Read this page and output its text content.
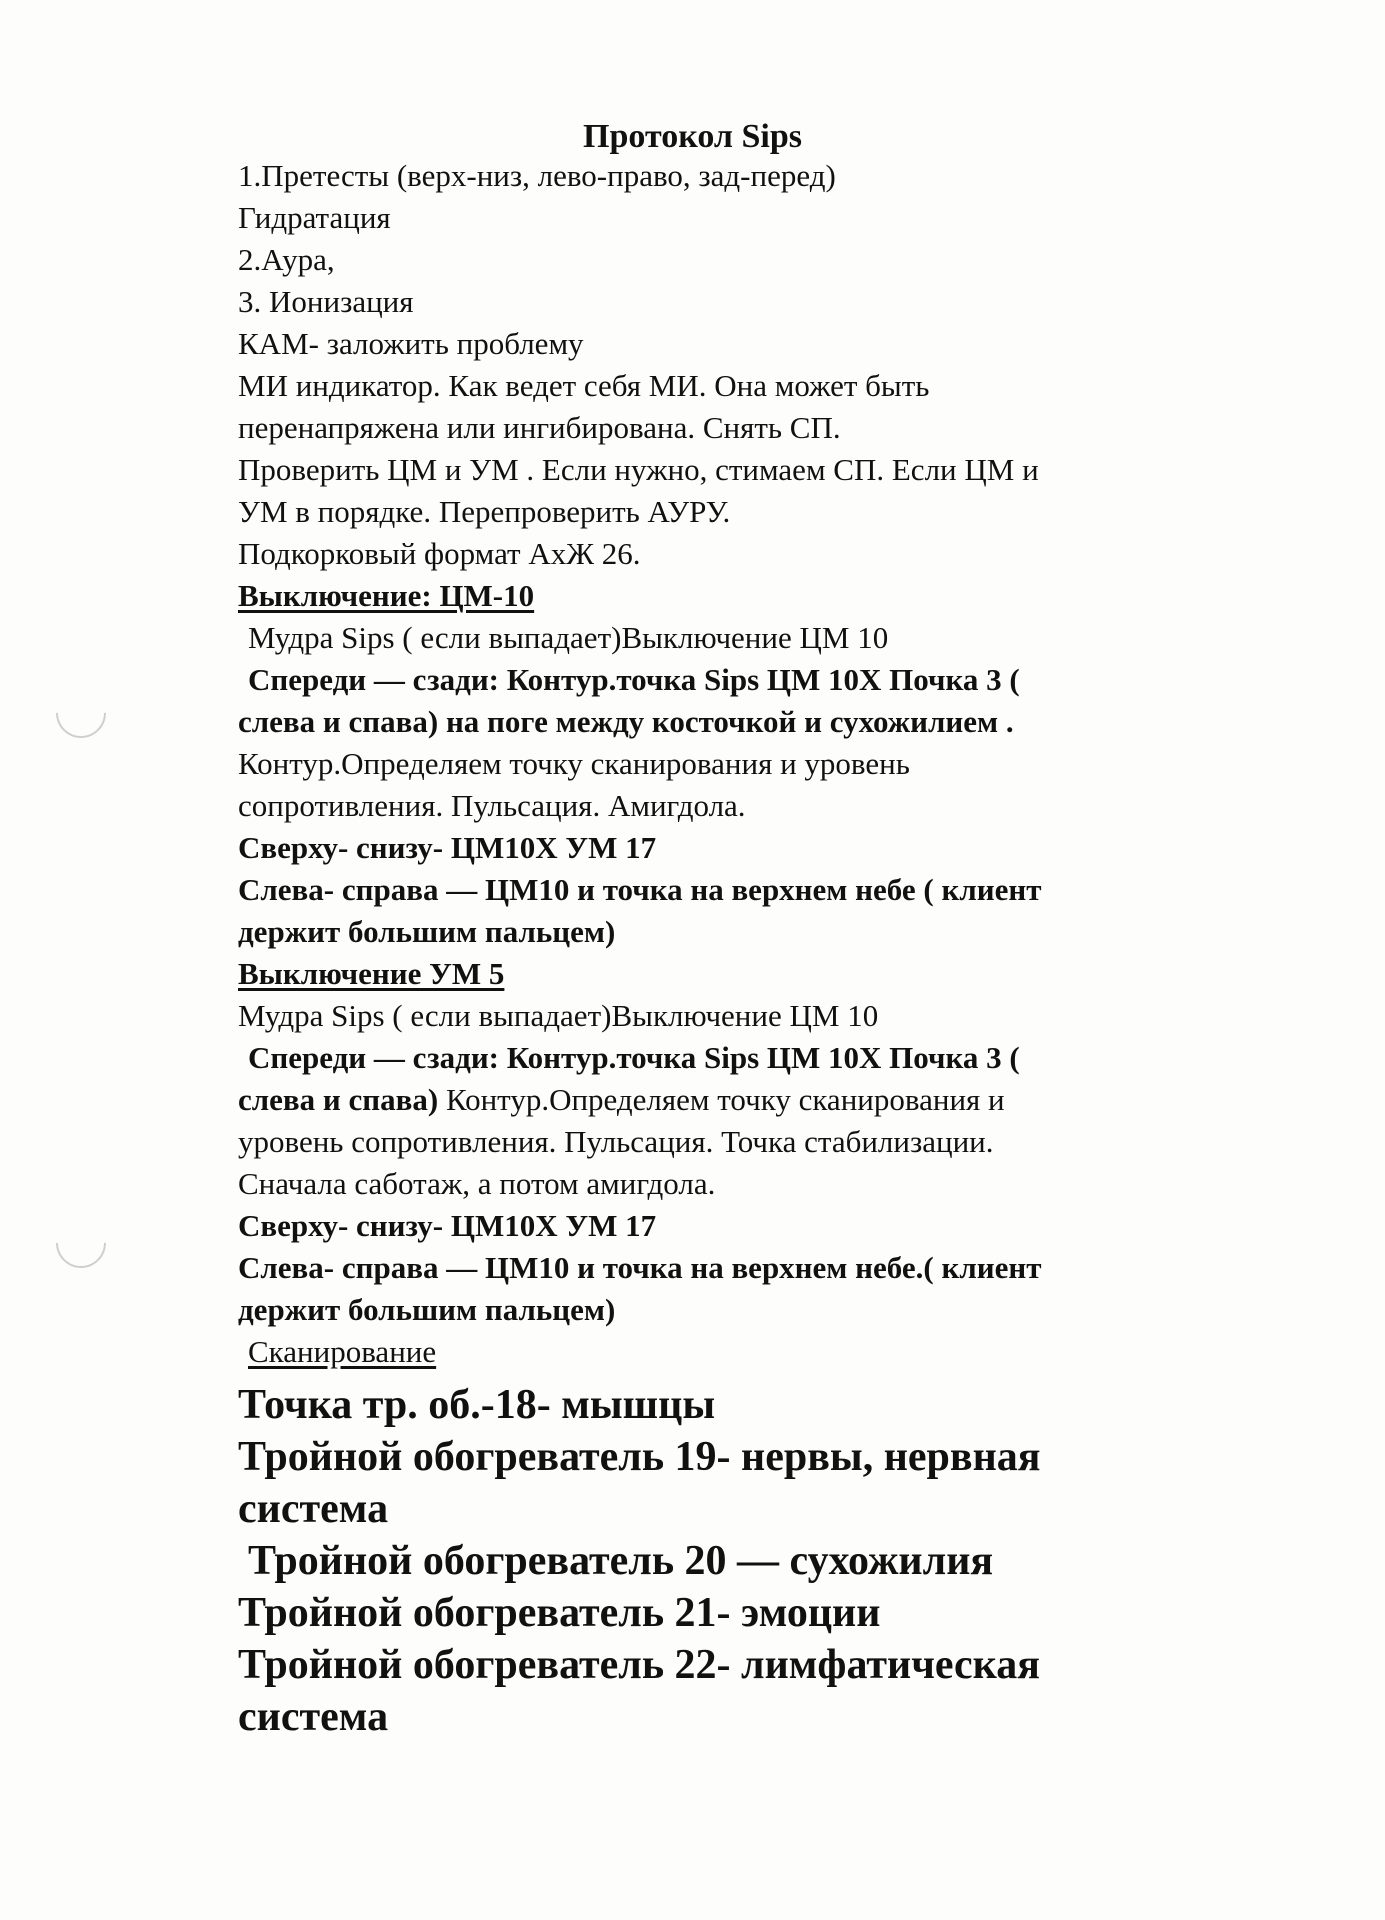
Протокол Sips
1.Претесты (верх-низ, лево-право, зад-перед)
Гидратация
2.Аура,
3. Ионизация
КАМ- заложить проблему
МИ индикатор. Как ведет себя МИ. Она может быть
перенапряжена или ингибирована. Снять СП.
Проверить ЦМ и УМ . Если нужно, стимаем СП. Если ЦМ и
УМ в порядке. Перепроверить АУРУ.
Подкорковый формат АхЖ 26.
Выключение: ЦМ-10
Мудра Sips ( если выпадает)Выключение ЦМ 10
Спереди — сзади: Контур.точка Sips ЦМ 10Х Почка 3 (
слева и спава) на поге между косточкой и сухожилием .
Контур.Определяем точку сканирования и уровень
сопротивления. Пульсация. Амигдола.
Сверху- снизу- ЦМ10Х УМ 17
Слева- справа — ЦМ10 и точка на верхнем небе ( клиент
держит большим пальцем)
Выключение УМ 5
Мудра Sips ( если выпадает)Выключение ЦМ 10
Спереди — сзади: Контур.точка Sips ЦМ 10Х Почка 3 (
слева и спава) Контур.Определяем точку сканирования и
уровень сопротивления. Пульсация. Точка стабилизации.
Сначала саботаж, а потом амигдола.
Сверху- снизу- ЦМ10Х УМ 17
Слева- справа — ЦМ10 и точка на верхнем небе.( клиент
держит большим пальцем)
Сканирование
Точка тр. об.-18- мышцы
Тройной обогреватель 19- нервы, нервная
система
Тройной обогреватель 20 — сухожилия
Тройной обогреватель 21- эмоции
Тройной обогреватель 22- лимфатическая
система
